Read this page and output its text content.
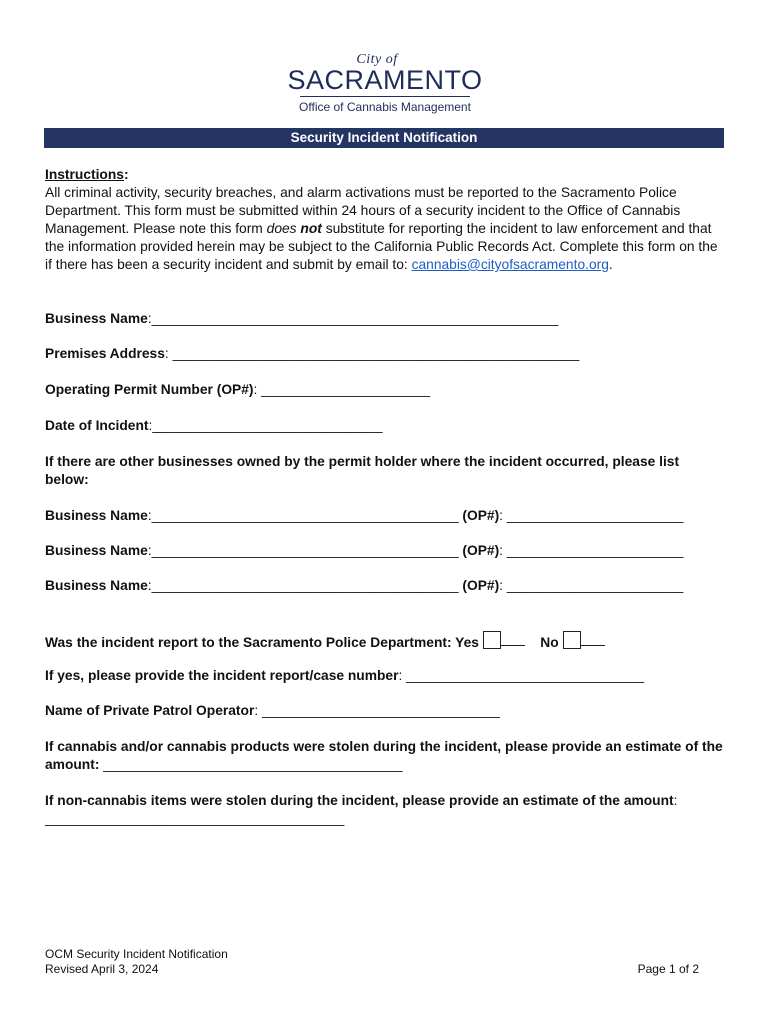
City of
SACRAMENTO
Office of Cannabis Management
Security Incident Notification
Instructions:
All criminal activity, security breaches, and alarm activations must be reported to the Sacramento Police Department. This form must be submitted within 24 hours of a security incident to the Office of Cannabis Management. Please note this form does not substitute for reporting the incident to law enforcement and that the information provided herein may be subject to the California Public Records Act. Complete this form on the if there has been a security incident and submit by email to: cannabis@cityofsacramento.org.
Business Name:_____________________________________________________
Premises Address: _____________________________________________________
Operating Permit Number (OP#): ______________________
Date of Incident:______________________________
If there are other businesses owned by the permit holder where the incident occurred, please list below:
Business Name:________________________________________ (OP#): _______________________
Business Name:________________________________________ (OP#): _______________________
Business Name:________________________________________ (OP#): _______________________
Was the incident report to the Sacramento Police Department: Yes	No
If yes, please provide the incident report/case number: _______________________________
Name of Private Patrol Operator: _______________________________
If cannabis and/or cannabis products were stolen during the incident, please provide an estimate of the amount: _______________________________________
If non-cannabis items were stolen during the incident, please provide an estimate of the amount: _______________________________________
OCM Security Incident Notification
Revised April 3, 2024	Page 1 of 2
